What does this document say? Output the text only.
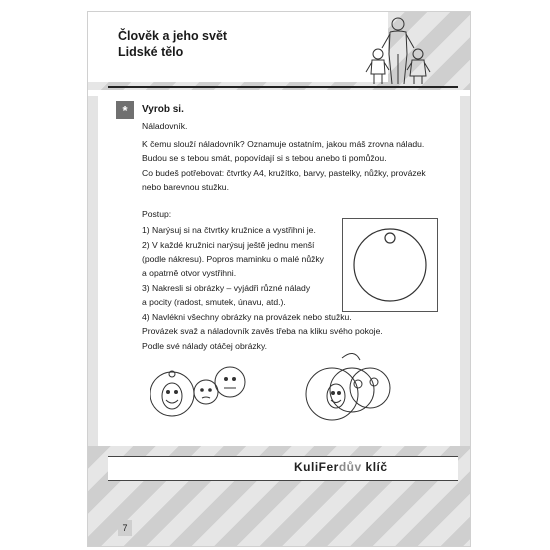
Člověk a jeho svět
Lidské tělo
*	Vyrob si.
Náladovník.
K čemu slouží náladovník? Oznamuje ostatním, jakou máš zrovna náladu.
Budou se s tebou smát, popovídají si s tebou anebo ti pomůžou.
Co budeš potřebovat: čtvrtky A4, kružítko, barvy, pastelky, nůžky, provázek
nebo barevnou stužku.
Postup:
1) Narýsuj si na čtvrtky kružnice a vystřihni je.
2) V každé kružnici narýsuj ještě jednu menší
(podle nákresu). Popros maminku o malé nůžky
a opatrně otvor vystřihni.
3) Nakresli si obrázky – vyjádři různé nálady
a pocity (radost, smutek, únavu, atd.).
4) Navlékni všechny obrázky na provázek nebo stužku.
Provázek svaž a náladovník zavěs třeba na kliku svého pokoje.
Podle své nálady otáčej obrázky.
KuliFerdův klíč
7
